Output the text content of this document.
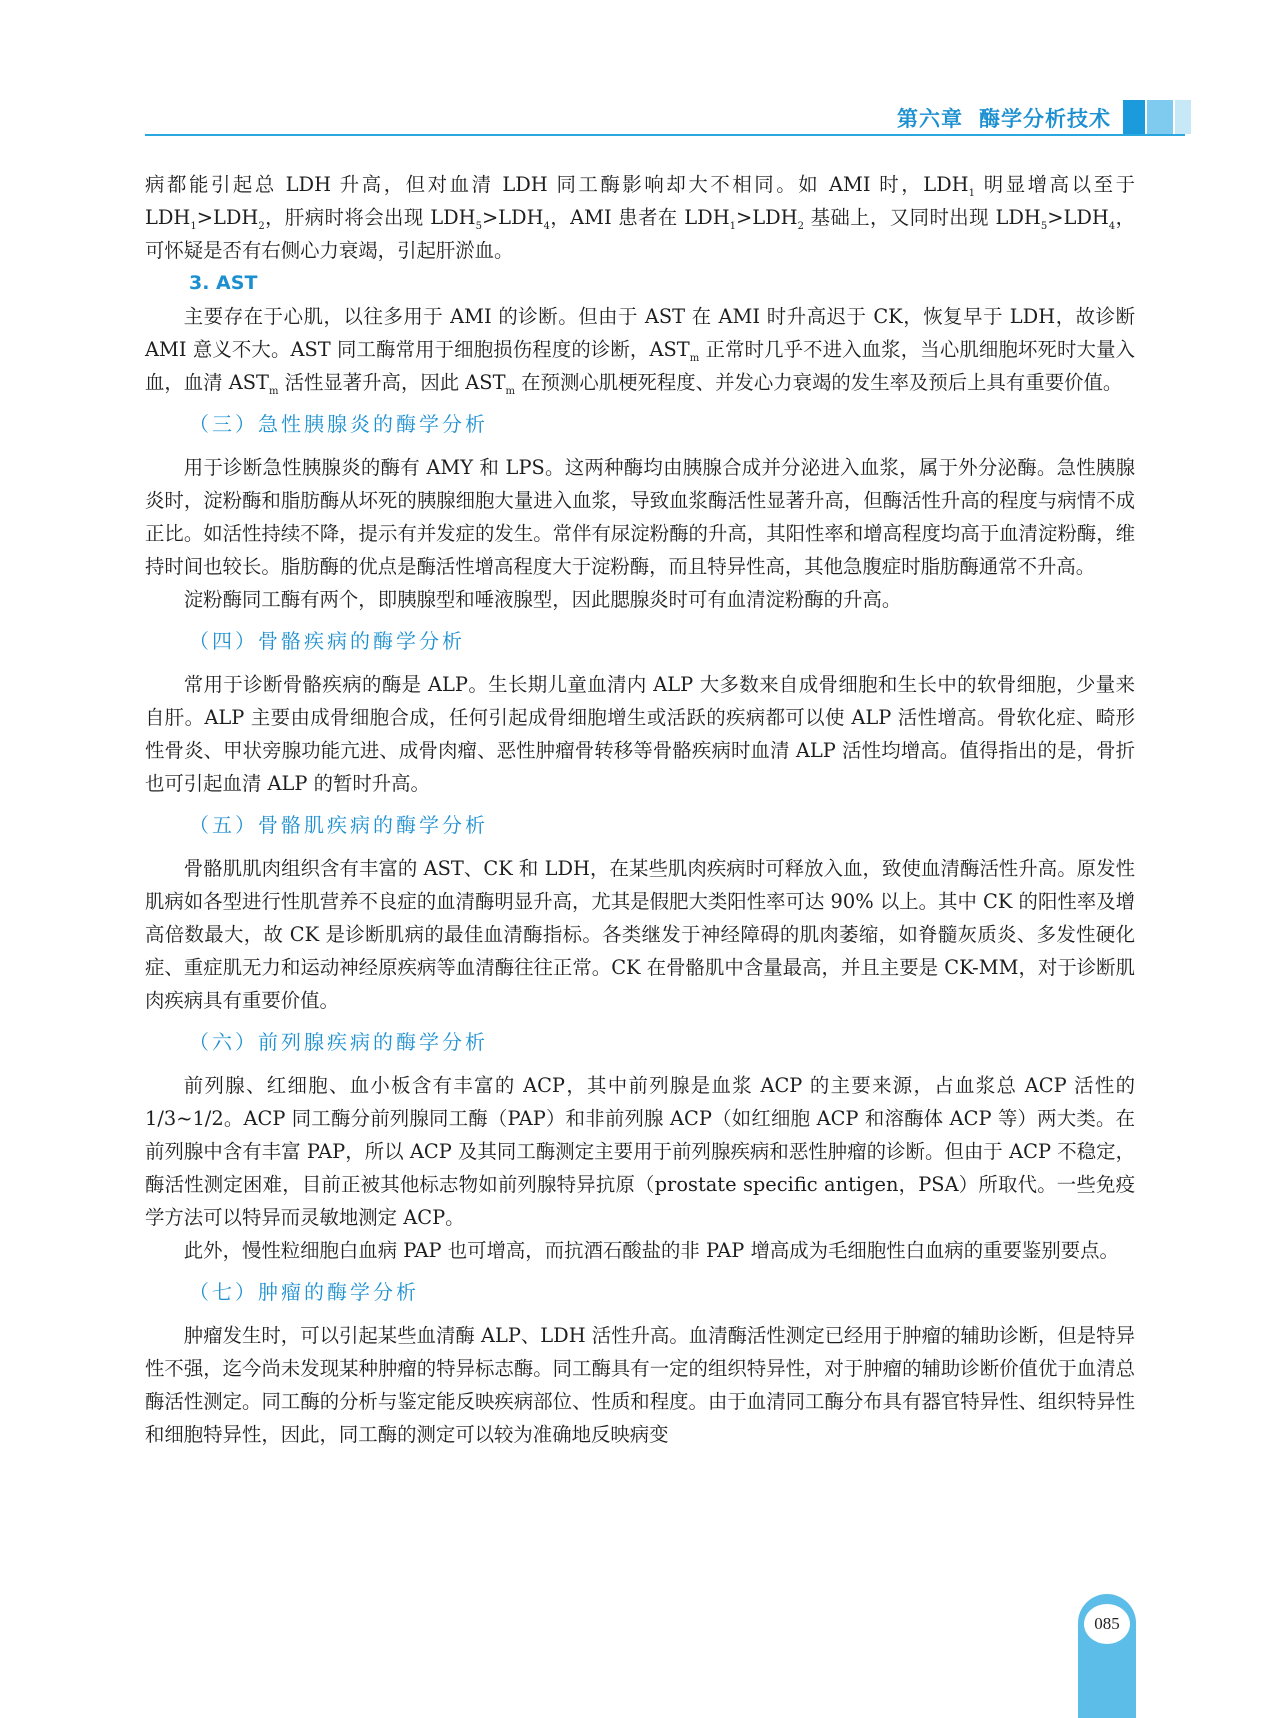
第六章 酶学分析技术

病都能引起总 LDH 升高，但对血清 LDH 同工酶影响却大不相同。如 AMI 时，$LDH_1$ 明显增高以至于$LDH_1>LDH_2$，肝病时将会出现 $LDH_5>LDH_4$，AMI 患者在 $LDH_1>LDH_2$ 基础上，又同时出现 $LDH_5>LDH_4$，可怀疑是否有右侧心力衰竭，引起肝淤血。

3. AST

主要存在于心肌，以往多用于 AMI 的诊断。但由于 AST 在 AMI 时升高迟于 CK，恢复早于 LDH，故诊断 AMI 意义不大。AST 同工酶常用于细胞损伤程度的诊断，$AST_m$ 正常时几乎不进入血浆，当心肌细胞坏死时大量入血，血清 $AST_m$ 活性显著升高，因此 $AST_m$ 在预测心肌梗死程度、并发心力衰竭的发生率及预后上具有重要价值。

（三）急性胰腺炎的酶学分析

用于诊断急性胰腺炎的酶有 AMY 和 LPS。这两种酶均由胰腺合成并分泌进入血浆，属于外分泌酶。急性胰腺炎时，淀粉酶和脂肪酶从坏死的胰腺细胞大量进入血浆，导致血浆酶活性显著升高，但酶活性升高的程度与病情不成正比。如活性持续不降，提示有并发症的发生。常伴有尿淀粉酶的升高，其阳性率和增高程度均高于血清淀粉酶，维持时间也较长。脂肪酶的优点是酶活性增高程度大于淀粉酶，而且特异性高，其他急腹症时脂肪酶通常不升高。

淀粉酶同工酶有两个，即胰腺型和唾液腺型，因此腮腺炎时可有血清淀粉酶的升高。

（四）骨骼疾病的酶学分析

常用于诊断骨骼疾病的酶是 ALP。生长期儿童血清内 ALP 大多数来自成骨细胞和生长中的软骨细胞，少量来自肝。ALP 主要由成骨细胞合成，任何引起成骨细胞增生或活跃的疾病都可以使 ALP 活性增高。骨软化症、畸形性骨炎、甲状旁腺功能亢进、成骨肉瘤、恶性肿瘤骨转移等骨骼疾病时血清 ALP 活性均增高。值得指出的是，骨折也可引起血清 ALP 的暂时升高。

（五）骨骼肌疾病的酶学分析

骨骼肌肌肉组织含有丰富的 AST、CK 和 LDH，在某些肌肉疾病时可释放入血，致使血清酶活性升高。原发性肌病如各型进行性肌营养不良症的血清酶明显升高，尤其是假肥大类阳性率可达 90% 以上。其中 CK 的阳性率及增高倍数最大，故 CK 是诊断肌病的最佳血清酶指标。各类继发于神经障碍的肌肉萎缩，如脊髓灰质炎、多发性硬化症、重症肌无力和运动神经原疾病等血清酶往往正常。CK 在骨骼肌中含量最高，并且主要是 CK-MM，对于诊断肌肉疾病具有重要价值。

（六）前列腺疾病的酶学分析

前列腺、红细胞、血小板含有丰富的 ACP，其中前列腺是血浆 ACP 的主要来源，占血浆总 ACP 活性的 1/3~1/2。ACP 同工酶分前列腺同工酶（PAP）和非前列腺 ACP（如红细胞 ACP 和溶酶体 ACP 等）两大类。在前列腺中含有丰富 PAP，所以 ACP 及其同工酶测定主要用于前列腺疾病和恶性肿瘤的诊断。但由于 ACP 不稳定，酶活性测定困难，目前正被其他标志物如前列腺特异抗原（prostate specific antigen，PSA）所取代。一些免疫学方法可以特异而灵敏地测定 ACP。

此外，慢性粒细胞白血病 PAP 也可增高，而抗酒石酸盐的非 PAP 增高成为毛细胞性白血病的重要鉴别要点。

（七）肿瘤的酶学分析

肿瘤发生时，可以引起某些血清酶 ALP、LDH 活性升高。血清酶活性测定已经用于肿瘤的辅助诊断，但是特异性不强，迄今尚未发现某种肿瘤的特异标志酶。同工酶具有一定的组织特异性，对于肿瘤的辅助诊断价值优于血清总酶活性测定。同工酶的分析与鉴定能反映疾病部位、性质和程度。由于血清同工酶分布具有器官特异性、组织特异性和细胞特异性，因此，同工酶的测定可以较为准确地反映病变

085
